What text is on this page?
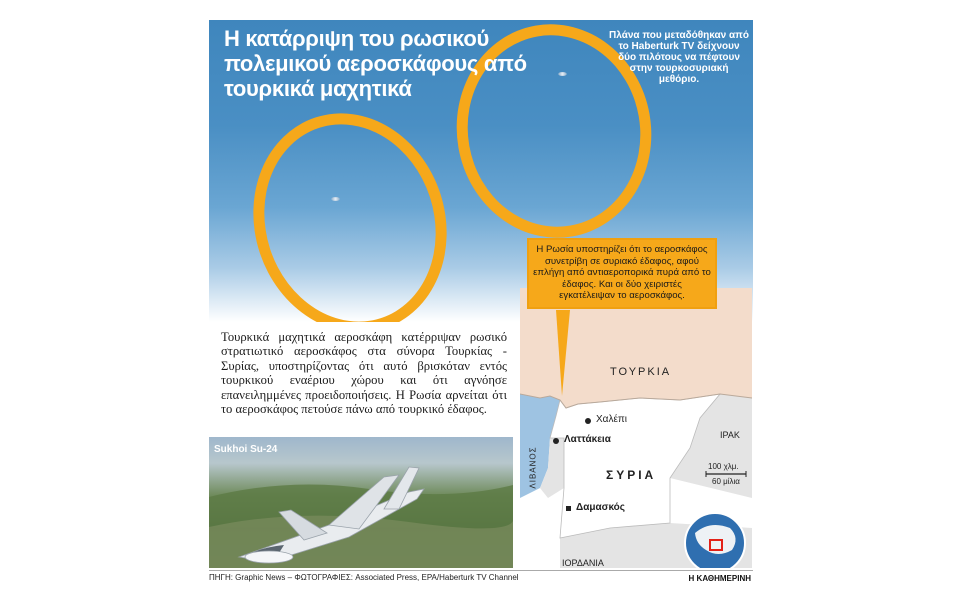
Η κατάρριψη του ρωσικού πολεμικού αεροσκάφους από τουρκικά μαχητικά
Πλάνα που μεταδόθηκαν από το Haberturk TV δείχνουν δύο πιλότους να πέφτουν στην τουρκοσυριακή μεθόριο.
Τουρκικά μαχητικά αεροσκάφη κατέρριψαν ρωσικό στρατιωτικό αεροσκάφος στα σύνορα Τουρκίας - Συρίας, υποστηρίζοντας ότι αυτό βρισκόταν εντός τουρκικού εναέριου χώρου και ότι αγνόησε επανειλημμένες προειδοποιήσεις. Η Ρωσία αρνείται ότι το αεροσκάφος πετούσε πάνω από τουρκικό έδαφος.
Sukhoi Su-24
ΤΟΥΡΚΙΑ
ΣΥΡΙΑ
ΙΡΑΚ
ΛΙΒΑΝΟΣ
ΙΟΡΔΑΝΙΑ
Χαλέπι
Λαττάκεια
Δαμασκός
100 χλμ.
60 μίλια
Η Ρωσία υποστηρίζει ότι το αεροσκάφος συνετρίβη σε συριακό έδαφος, αφού επλήγη από αντιαεροπορικά πυρά από το έδαφος. Και οι δύο χειριστές εγκατέλειψαν το αεροσκάφος.
ΠΗΓΗ: Graphic News – ΦΩΤΟΓΡΑΦΙΕΣ: Associated Press, EPA/Haberturk TV Channel	Η ΚΑΘΗΜΕΡΙΝΗ
